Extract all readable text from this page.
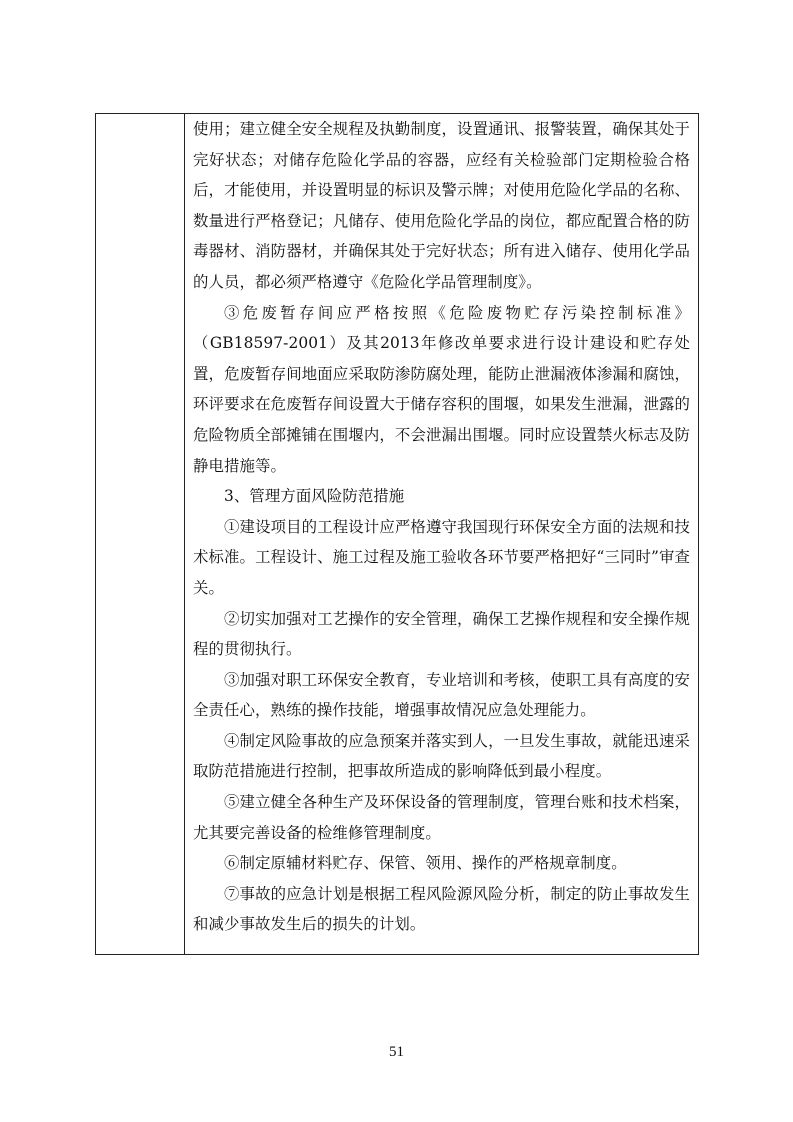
使用；建立健全安全规程及执勤制度，设置通讯、报警装置，确保其处于完好状态；对储存危险化学品的容器，应经有关检验部门定期检验合格后，才能使用，并设置明显的标识及警示牌；对使用危险化学品的名称、数量进行严格登记；凡储存、使用危险化学品的岗位，都应配置合格的防毒器材、消防器材，并确保其处于完好状态；所有进入储存、使用化学品的人员，都必须严格遵守《危险化学品管理制度》。

③危废暂存间应严格按照《危险废物贮存污染控制标准》（GB18597-2001）及其2013年修改单要求进行设计建设和贮存处置，危废暂存间地面应采取防渗防腐处理，能防止泄漏液体渗漏和腐蚀，环评要求在危废暂存间设置大于储存容积的围堰，如果发生泄漏，泄露的危险物质全部摊铺在围堰内，不会泄漏出围堰。同时应设置禁火标志及防静电措施等。

3、管理方面风险防范措施

①建设项目的工程设计应严格遵守我国现行环保安全方面的法规和技术标准。工程设计、施工过程及施工验收各环节要严格把好“三同时”审查关。

②切实加强对工艺操作的安全管理，确保工艺操作规程和安全操作规程的贯彻执行。

③加强对职工环保安全教育，专业培训和考核，使职工具有高度的安全责任心，熟练的操作技能，增强事故情况应急处理能力。

④制定风险事故的应急预案并落实到人，一旦发生事故，就能迅速采取防范措施进行控制，把事故所造成的影响降低到最小程度。

⑤建立健全各种生产及环保设备的管理制度，管理台账和技术档案，尤其要完善设备的检维修管理制度。

⑥制定原辅材料贮存、保管、领用、操作的严格规章制度。

⑦事故的应急计划是根据工程风险源风险分析，制定的防止事故发生和减少事故发生后的损失的计划。

51
